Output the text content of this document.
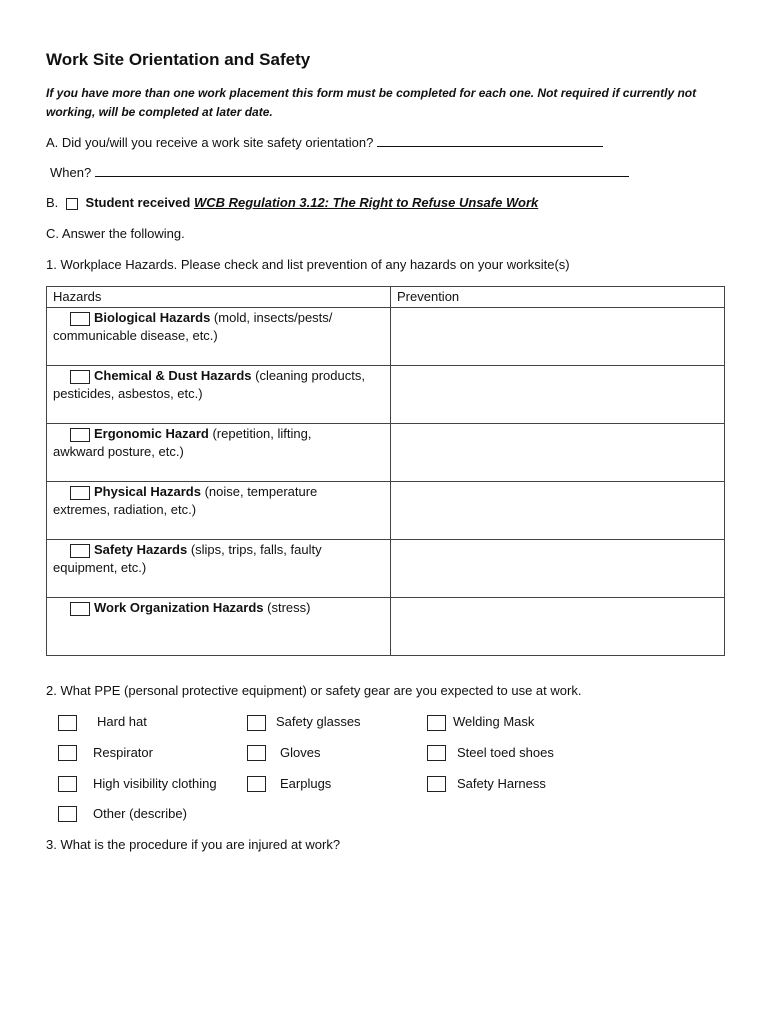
Work Site Orientation and Safety
If you have more than one work placement this form must be completed for each one. Not required if currently not
working, will be completed at later date.
A. Did you/will you receive a work site safety orientation?
When?
B. Student received WCB Regulation 3.12: The Right to Refuse Unsafe Work
C. Answer the following.
1. Workplace Hazards. Please check and list prevention of any hazards on your worksite(s)
Hazards	Prevention
Biological Hazards (mold, insects/pests/
communicable disease, etc.)	
Chemical & Dust Hazards (cleaning products,
pesticides, asbestos, etc.)	
Ergonomic Hazard (repetition, lifting,
awkward posture, etc.)	
Physical Hazards (noise, temperature
extremes, radiation, etc.)	
Safety Hazards (slips, trips, falls, faulty
equipment, etc.)	
Work Organization Hazards (stress)

2. What PPE (personal protective equipment) or safety gear are you expected to use at work.
Hard hat	Safety glasses	Welding Mask
Respirator	Gloves	Steel toed shoes
High visibility clothing	Earplugs	Safety Harness
Other (describe)
3. What is the procedure if you are injured at work?
